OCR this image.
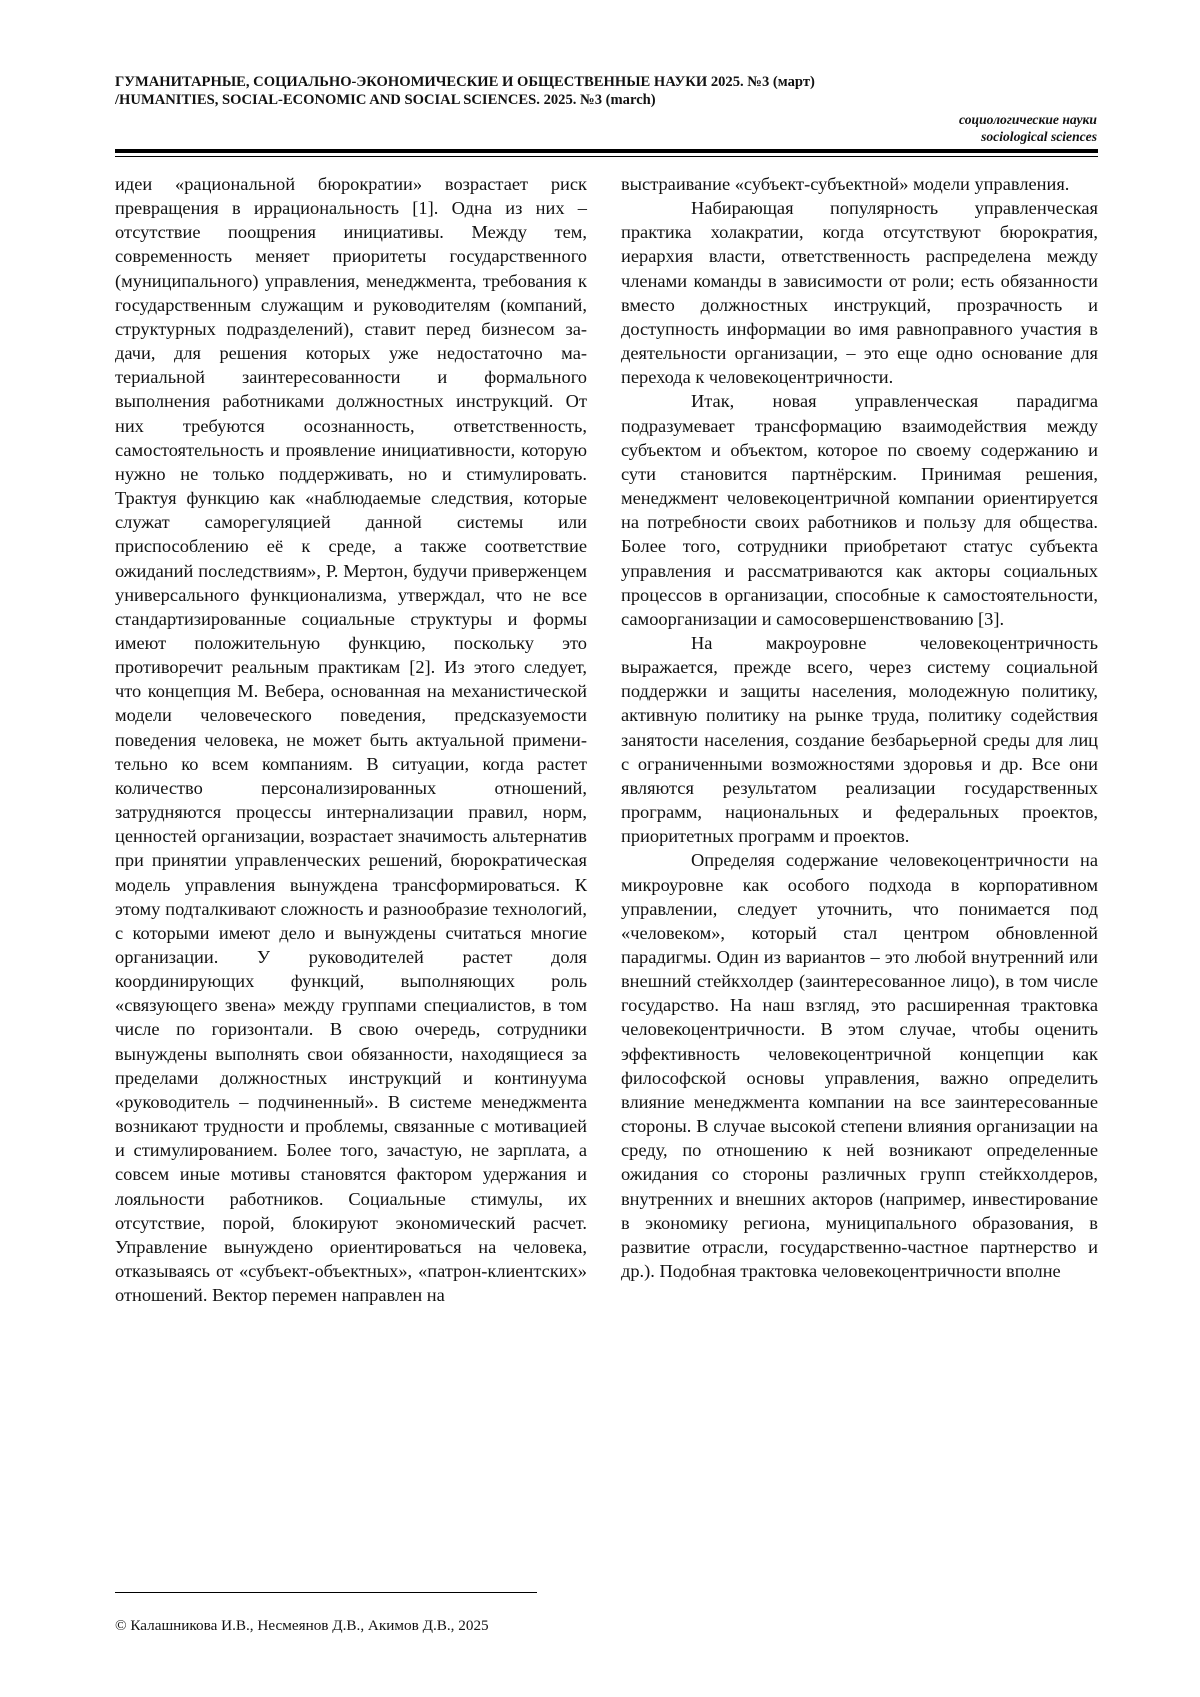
ГУМАНИТАРНЫЕ, СОЦИАЛЬНО-ЭКОНОМИЧЕСКИЕ И ОБЩЕСТВЕННЫЕ НАУКИ 2025. №3 (март)
/HUMANITIES, SOCIAL-ECONOMIC AND SOCIAL SCIENCES. 2025. №3 (march)
социологические науки
sociological sciences

идеи «рациональной бюрократии» возрастает риск превращения в иррациональность [1]. Одна из них – отсутствие поощрения инициативы. Между тем, современность меняет приоритеты государственного (муниципального) управления, менеджмента, требования к государственным служащим и руководителям (компаний, структурных подразделений), ставит перед бизнесом задачи, для решения которых уже недостаточно материальной заинтересованности и формального выполнения работниками должностных инструкций. От них требуются осознанность, ответственность, самостоятельность и проявление инициативности, которую нужно не только поддерживать, но и стимулировать. Трактуя функцию как «наблюдаемые следствия, которые служат саморегуляцией данной системы или приспособлению её к среде, а также соответствие ожиданий последствиям», Р. Мертон, будучи приверженцем универсального функционализма, утверждал, что не все стандартизированные социальные структуры и формы имеют положительную функцию, поскольку это противоречит реальным практикам [2]. Из этого следует, что концепция М. Вебера, основанная на механистической модели человеческого поведения, предсказуемости поведения человека, не может быть актуальной применительно ко всем компаниям. В ситуации, когда растет количество персонализированных отношений, затрудняются процессы интернализации правил, норм, ценностей организации, возрастает значимость альтернатив при принятии управленческих решений, бюрократическая модель управления вынуждена трансформироваться. К этому подталкивают сложность и разнообразие технологий, с которыми имеют дело и вынуждены считаться многие организации. У руководителей растет доля координирующих функций, выполняющих роль «связующего звена» между группами специалистов, в том числе по горизонтали. В свою очередь, сотрудники вынуждены выполнять свои обязанности, находящиеся за пределами должностных инструкций и континуума «руководитель – подчиненный». В системе менеджмента возникают трудности и проблемы, связанные с мотивацией и стимулированием. Более того, зачастую, не зарплата, а совсем иные мотивы становятся фактором удержания и лояльности работников. Социальные стимулы, их отсутствие, порой, блокируют экономический расчет. Управление вынуждено ориентироваться на человека, отказываясь от «субъект-объектных», «патрон-клиентских» отношений. Вектор перемен направлен на

выстраивание «субъект-субъектной» модели управления.

Набирающая популярность управленческая практика холакратии, когда отсутствуют бюрократия, иерархия власти, ответственность распределена между членами команды в зависимости от роли; есть обязанности вместо должностных инструкций, прозрачность и доступность информации во имя равноправного участия в деятельности организации, – это еще одно основание для перехода к человекоцентричности.

Итак, новая управленческая парадигма подразумевает трансформацию взаимодействия между субъектом и объектом, которое по своему содержанию и сути становится партнёрским. Принимая решения, менеджмент человекоцентричной компании ориентируется на потребности своих работников и пользу для общества. Более того, сотрудники приобретают статус субъекта управления и рассматриваются как акторы социальных процессов в организации, способные к самостоятельности, самоорганизации и самосовершенствованию [3].

На макроуровне человекоцентричность выражается, прежде всего, через систему социальной поддержки и защиты населения, молодежную политику, активную политику на рынке труда, политику содействия занятости населения, создание безбарьерной среды для лиц с ограниченными возможностями здоровья и др. Все они являются результатом реализации государственных программ, национальных и федеральных проектов, приоритетных программ и проектов.

Определяя содержание человекоцентричности на микроуровне как особого подхода в корпоративном управлении, следует уточнить, что понимается под «человеком», который стал центром обновленной парадигмы. Один из вариантов – это любой внутренний или внешний стейкхолдер (заинтересованное лицо), в том числе государство. На наш взгляд, это расширенная трактовка человекоцентричности. В этом случае, чтобы оценить эффективность человекоцентричной концепции как философской основы управления, важно определить влияние менеджмента компании на все заинтересованные стороны. В случае высокой степени влияния организации на среду, по отношению к ней возникают определенные ожидания со стороны различных групп стейкхолдеров, внутренних и внешних акторов (например, инвестирование в экономику региона, муниципального образования, в развитие отрасли, государственно-частное партнерство и др.). Подобная трактовка человекоцентричности вполне

© Калашникова И.В., Несмеянов Д.В., Акимов Д.В., 2025
